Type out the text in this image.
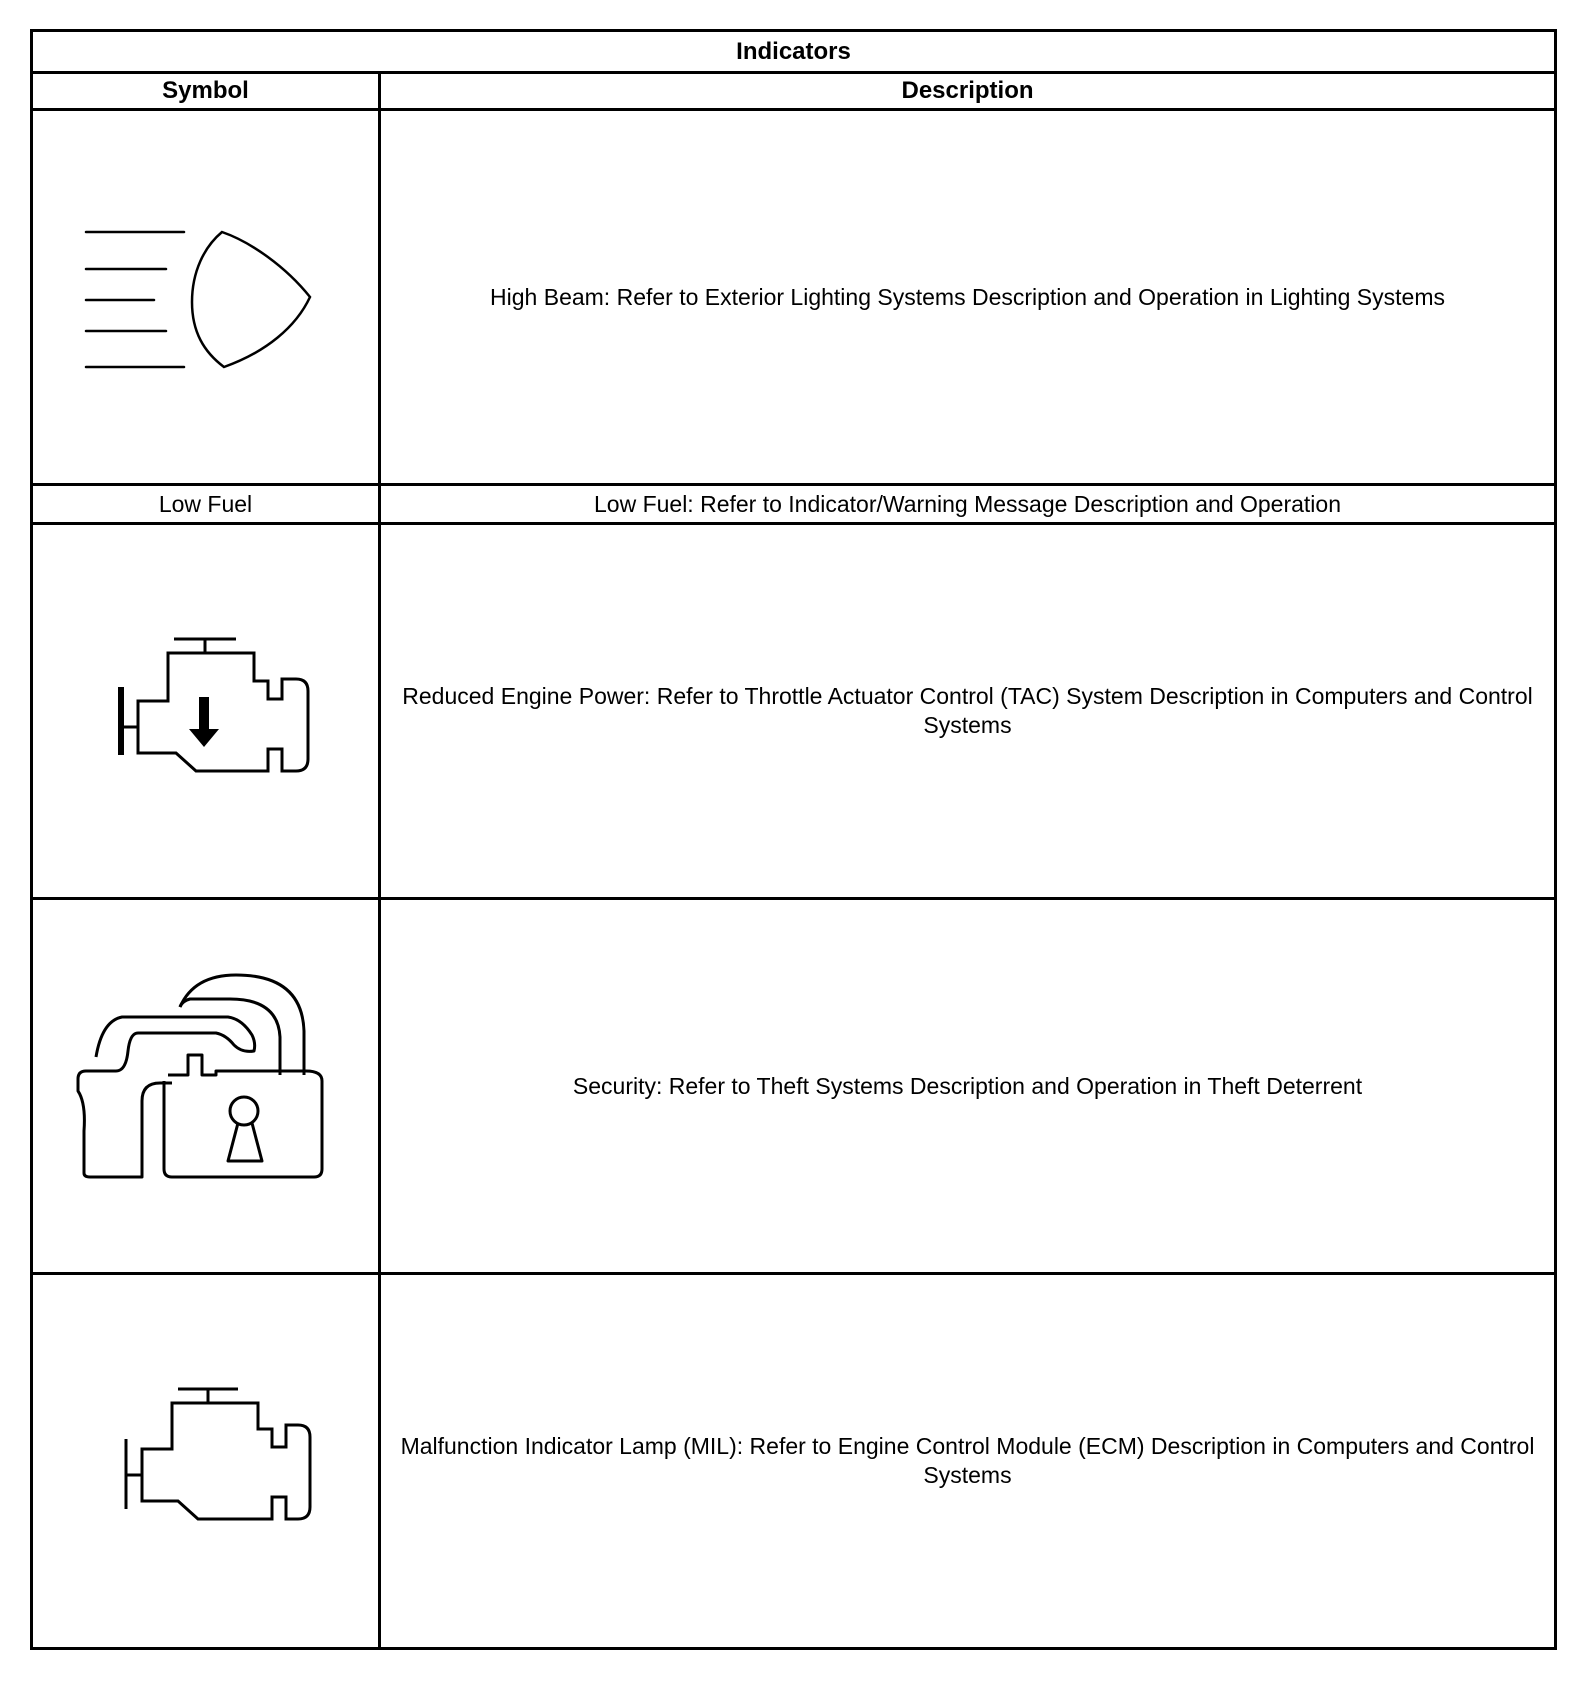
Indicators	
Symbol	Description

	High Beam: Refer to Exterior Lighting Systems Description and Operation in Lighting Systems
Low Fuel	Low Fuel: Refer to Indicator/Warning Message Description and Operation

	Reduced Engine Power: Refer to Throttle Actuator Control (TAC) System Description in Computers and Control Systems

	Security: Refer to Theft Systems Description and Operation in Theft Deterrent

	Malfunction Indicator Lamp (MIL): Refer to Engine Control Module (ECM) Description in Computers and Control Systems
